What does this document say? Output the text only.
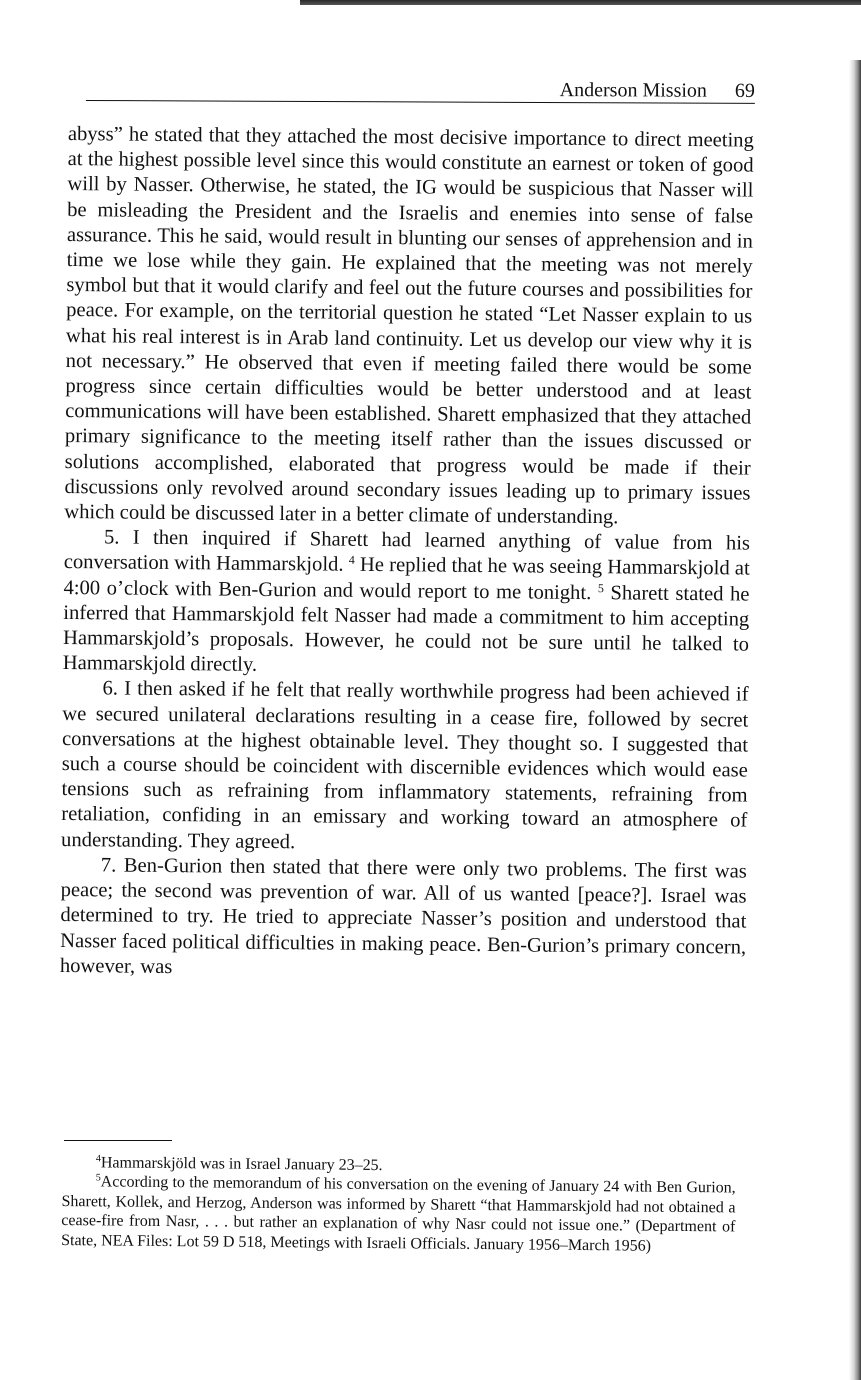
Anderson Mission 69

abyss” he stated that they attached the most decisive importance to direct meeting at the highest possible level since this would constitute an earnest or token of good will by Nasser. Otherwise, he stated, the IG would be suspicious that Nasser will be misleading the President and the Israelis and enemies into sense of false assurance. This he said, would result in blunting our senses of apprehension and in time we lose while they gain. He explained that the meeting was not merely symbol but that it would clarify and feel out the future courses and possibilities for peace. For example, on the territorial question he stated “Let Nasser explain to us what his real interest is in Arab land continuity. Let us develop our view why it is not necessary.” He observed that even if meeting failed there would be some progress since certain difficulties would be better understood and at least communications will have been established. Sharett emphasized that they attached primary significance to the meeting itself rather than the issues discussed or solutions accomplished, elaborated that progress would be made if their discussions only revolved around secondary issues leading up to primary issues which could be discussed later in a better climate of understanding.

5. I then inquired if Sharett had learned anything of value from his conversation with Hammarskjold. $^4$ He replied that he was seeing Hammarskjold at 4:00 o’clock with Ben-Gurion and would report to me tonight. $^5$ Sharett stated he inferred that Hammarskjold felt Nasser had made a commitment to him accepting Hammarskjold’s proposals. However, he could not be sure until he talked to Hammarskjold directly.

6. I then asked if he felt that really worthwhile progress had been achieved if we secured unilateral declarations resulting in a cease fire, followed by secret conversations at the highest obtainable level. They thought so. I suggested that such a course should be coincident with discernible evidences which would ease tensions such as refraining from inflammatory statements, refraining from retaliation, confiding in an emissary and working toward an atmosphere of understanding. They agreed.

7. Ben-Gurion then stated that there were only two problems. The first was peace; the second was prevention of war. All of us wanted [peace?]. Israel was determined to try. He tried to appreciate Nasser’s position and understood that Nasser faced political difficulties in making peace. Ben-Gurion’s primary concern, however, was

$^4$Hammarskjöld was in Israel January 23–25.

$^5$According to the memorandum of his conversation on the evening of January 24 with Ben Gurion, Sharett, Kollek, and Herzog, Anderson was informed by Sharett “that Hammarskjold had not obtained a cease-fire from Nasr, . . . but rather an explanation of why Nasr could not issue one.” (Department of State, NEA Files: Lot 59 D 518, Meetings with Israeli Officials. January 1956–March 1956)
